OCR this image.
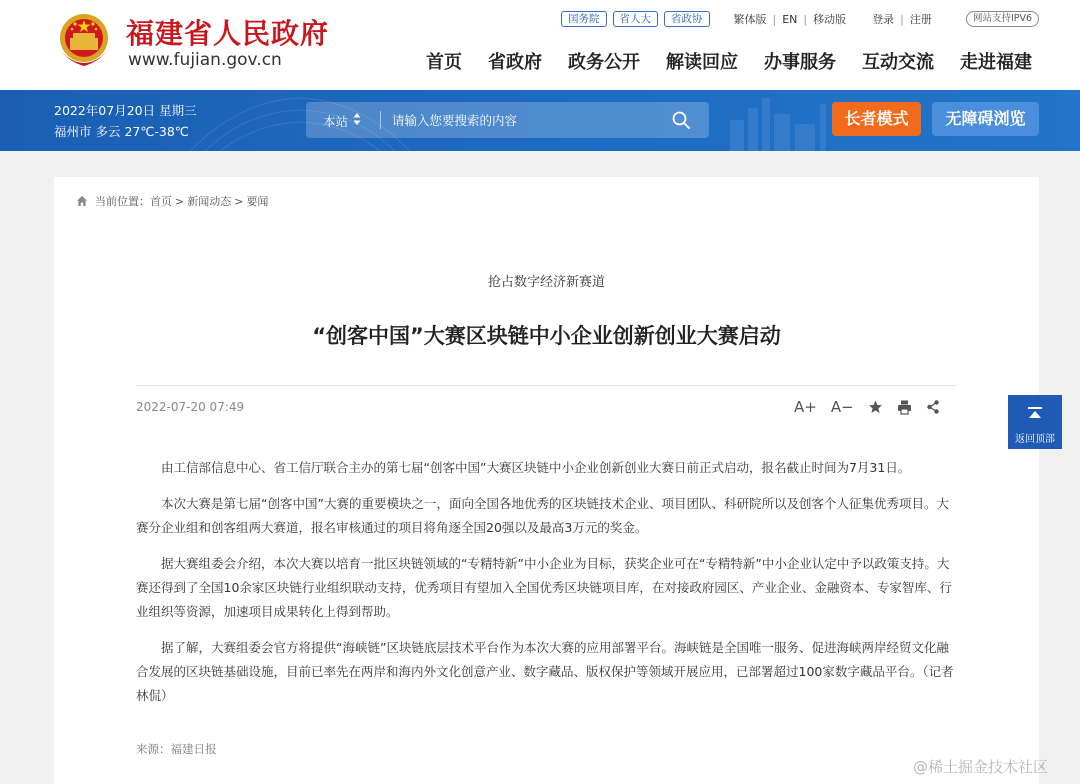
福建省人民政府
www.fujian.gov.cn
国务院	省人大	省政协	繁体版 | EN | 移动版 登录 | 注册	网站支持IPV6
首页 省政府 政务公开 解读回应 办事服务 互动交流 走进福建
2022年07月20日 星期三
福州市 多云 27℃-38℃
本站
请输入您要搜索的内容	长者模式	无障碍浏览
当前位置： 首页 > 新闻动态 > 要闻
抢占数字经济新赛道
“创客中国”大赛区块链中小企业创新创业大赛启动
2022-07-20 07:49	A+ A−

由工信部信息中心、省工信厅联合主办的第七届“创客中国”大赛区块链中小企业创新创业大赛日前正式启动，报名截止时间为7月31日。

本次大赛是第七届“创客中国”大赛的重要模块之一，面向全国各地优秀的区块链技术企业、项目团队、科研院所以及创客个人征集优秀项目。大赛分企业组和创客组两大赛道，报名审核通过的项目将角逐全国20强以及最高3万元的奖金。

据大赛组委会介绍，本次大赛以培育一批区块链领域的“专精特新”中小企业为目标，获奖企业可在“专精特新”中小企业认定中予以政策支持。大赛还得到了全国10余家区块链行业组织联动支持，优秀项目有望加入全国优秀区块链项目库，在对接政府园区、产业企业、金融资本、专家智库、行业组织等资源，加速项目成果转化上得到帮助。

据了解，大赛组委会官方将提供“海峡链”区块链底层技术平台作为本次大赛的应用部署平台。海峡链是全国唯一服务、促进海峡两岸经贸文化融合发展的区块链基础设施，目前已率先在两岸和海内外文化创意产业、数字藏品、版权保护等领域开展应用，已部署超过100家数字藏品平台。（记者 林侃）

来源：福建日报
返回顶部
@稀土掘金技术社区
